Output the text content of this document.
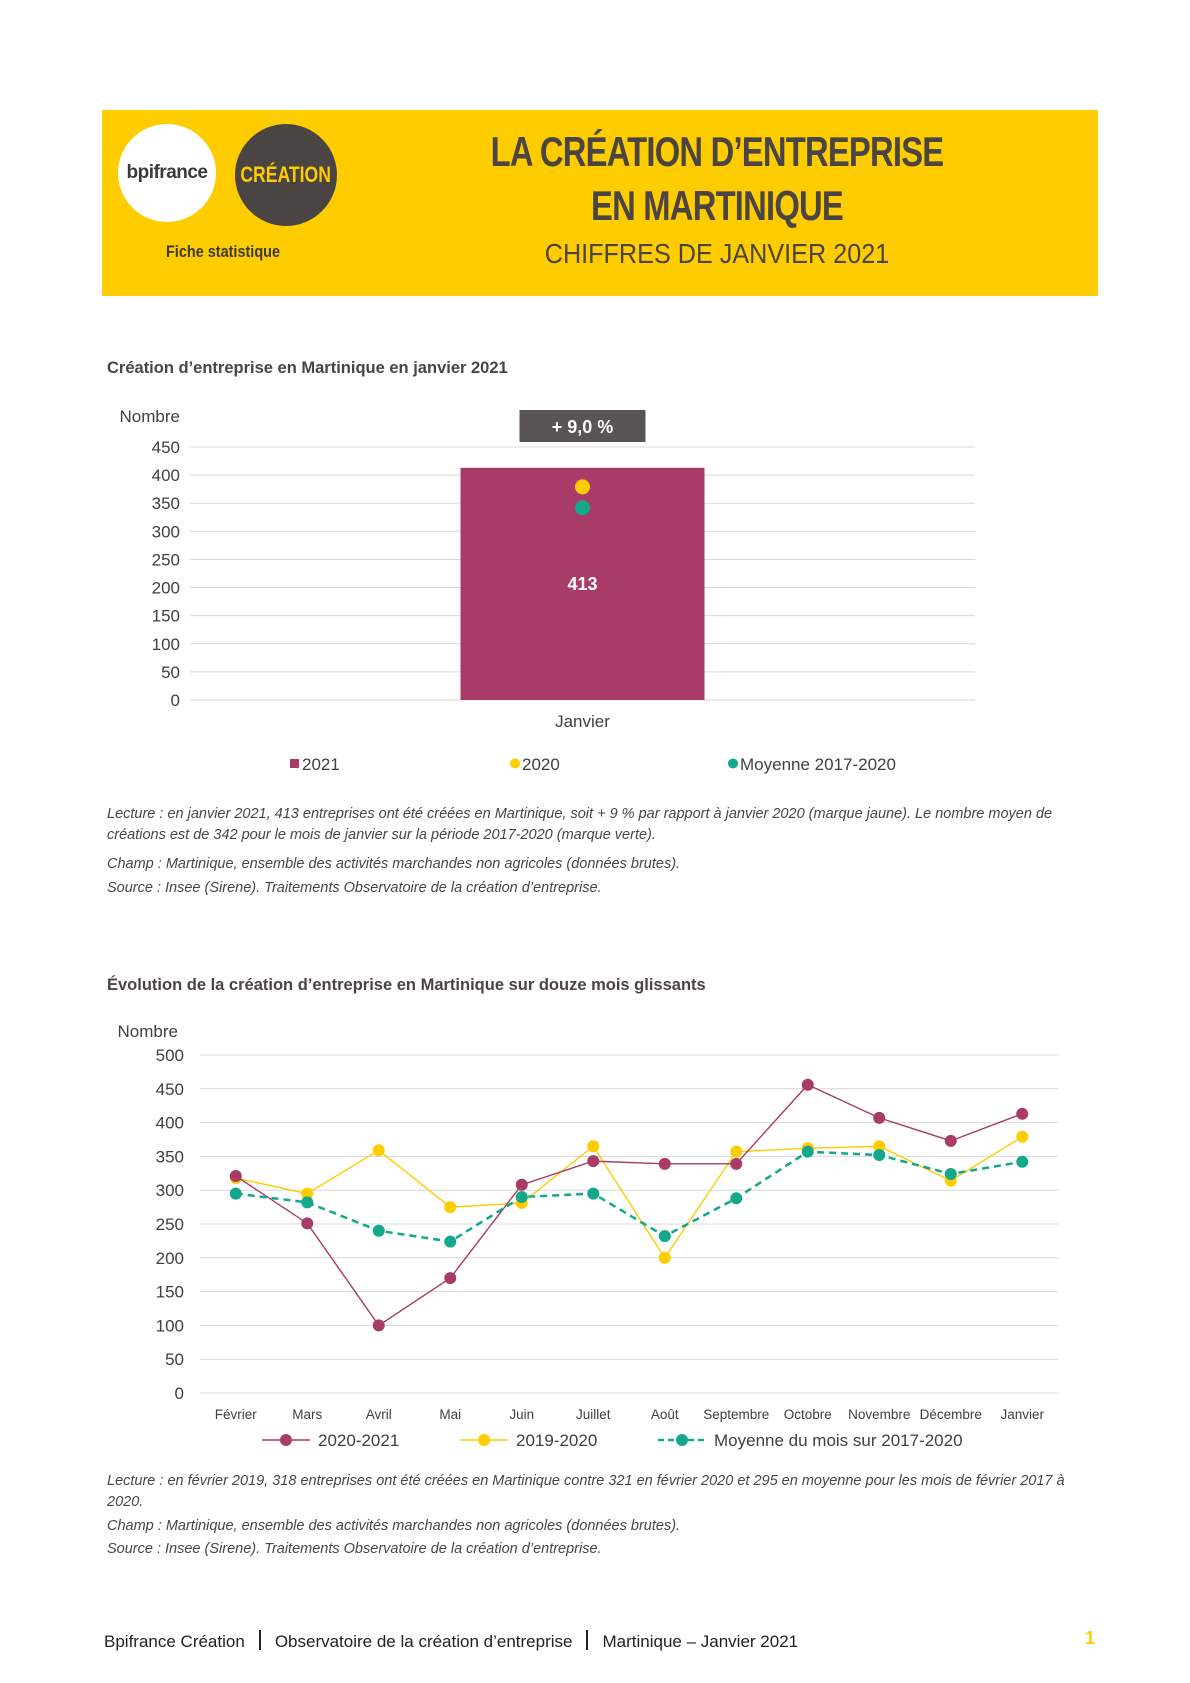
bpifrance CRÉATION
Fiche statistique
LA CRÉATION D’ENTREPRISE
EN MARTINIQUE
CHIFFRES DE JANVIER 2021
Création d’entreprise en Martinique en janvier 2021
0
50
100
150
200
250
300
350
400
450
Nombre
413
+ 9,0 %
Janvier
2021	2020	Moyenne 2017-2020
Lecture : en janvier 2021, 413 entreprises ont été créées en Martinique, soit + 9 % par rapport à janvier 2020 (marque jaune). Le nombre moyen de créations est de 342 pour le mois de janvier sur la période 2017-2020 (marque verte).
Champ : Martinique, ensemble des activités marchandes non agricoles (données brutes).
Source : Insee (Sirene). Traitements Observatoire de la création d’entreprise.
Évolution de la création d’entreprise en Martinique sur douze mois glissants
0
50
100
150
200
250
300
350
400
450
500
Nombre
Février	Mars	Avril	Mai	Juin	Juillet	Août Septembre Octobre Novembre Décembre Janvier
2020-2021	2019-2020	Moyenne du mois sur 2017-2020
Lecture : en février 2019, 318 entreprises ont été créées en Martinique contre 321 en février 2020 et 295 en moyenne pour les mois de février 2017 à 2020.
Champ : Martinique, ensemble des activités marchandes non agricoles (données brutes).
Source : Insee (Sirene). Traitements Observatoire de la création d’entreprise.
Bpifrance Création Observatoire de la création d’entreprise Martinique – Janvier 2021	1
